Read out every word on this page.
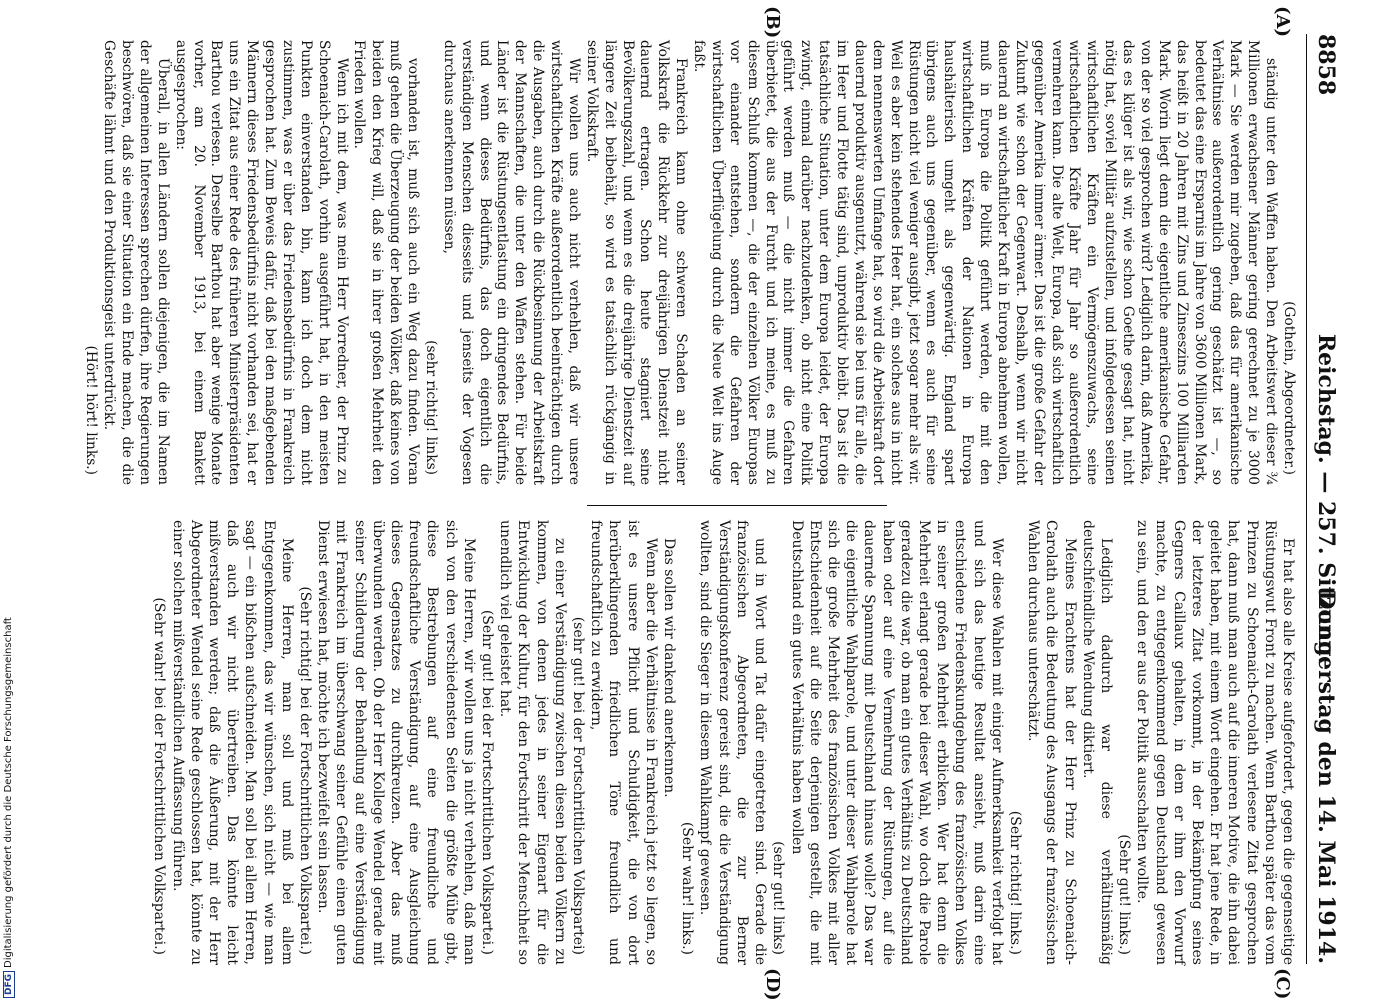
8858
Reichstag. — 257. Sitzung.
Donnerstag den 14. Mai 1914.

(Gothein, Abgeordneter.)

ständig unter den Waffen haben. Den Arbeitswert dieser ¾ Millionen erwachsener Männer gering gerechnet zu je 3000 Mark — Sie werden mir zugeben, daß das für amerikanische Verhältnisse außerordentlich gering geschätzt ist —, so bedeutet das eine Ersparnis im Jahre von 3600 Millionen Mark, das heißt in 20 Jahren mit Zins und Zinseszins 100 Milliarden Mark. Worin liegt denn die eigentliche amerikanische Gefahr, von der so viel gesprochen wird? Lediglich darin, daß Amerika, das es klüger ist als wir, wie schon Goethe gesagt hat, nicht nötig hat, soviel Militär aufzustellen, und infolgedessen seinen wirtschaftlichen Kräften ein Vermögenszuwachs, seine wirtschaftlichen Kräfte Jahr für Jahr so außerordentlich vermehren kann. Die alte Welt, Europa, daß sich wirtschaftlich gegenüber Amerika immer ärmer. Das ist die große Gefahr der Zukunft wie schon der Gegenwart. Deshalb, wenn wir nicht dauernd an wirtschaftlicher Kraft in Europa abnehmen wollen, muß in Europa die Politik geführt werden, die mit den wirtschaftlichen Kräften der Nationen in Europa haushälterisch umgeht als gegenwärtig. England spart übrigens auch uns gegenüber, wenn es auch für seine Rüstungen nicht viel weniger ausgibt, jetzt sogar mehr als wir. Weil es aber kein stehendes Heer hat, ein solches aus in nicht dem nennenswerten Umfange hat, so wird die Arbeitskraft dort dauernd produktiv ausgenutzt, während sie bei uns für alle, die im Heer und Flotte tätig sind, unproduktiv bleibt. Das ist die tatsächliche Situation, unter dem Europa leidet, der Europa zwingt, einmal darüber nachzudenken, ob nicht eine Politik geführt werden muß — die nicht immer die Gefahren überbietet, die aus der Furcht und ich meine, es muß zu diesem Schluß kommen —, die der einzelnen Völker Europas vor einander entstehen, sondern die Gefahren der wirtschaftlichen Überflügelung durch die Neue Welt ins Auge faßt.

Frankreich kann ohne schweren Schaden an seiner Volkskraft die Rückkehr zur dreijährigen Dienstzeit nicht dauernd ertragen. Schon heute stagniert seine Bevölkerungszahl, und wenn es die dreijährige Dienstzeit auf längere Zeit beibehält, so wird es tatsächlich rückgängig in seiner Volkskraft.

Wir wollen uns auch nicht verhehlen, daß wir unsere wirtschaftlichen Kräfte außerordentlich beeinträchtigen durch die Ausgaben, auch durch die Rückbesinnung der Arbeitskraft der Mannschaften, die unter den Waffen stehen. Für beide Länder ist die Rüstungsentlastung ein dringendes Bedürfnis, und wenn dieses Bedürfnis, das doch eigentlich die verständigen Menschen diesseits und jenseits der Vogesen durchaus anerkennen müssen,

(sehr richtig! links)

vorhanden ist, muß sich auch ein Weg dazu finden. Voran muß gehen die Überzeugung der beiden Völker, daß keines von beiden den Krieg will, daß sie in ihrer großen Mehrheit den Frieden wollen.

Wenn ich mit dem, was mein Herr Vorredner, der Prinz zu Schoenaich-Carolath, vorhin ausgeführt hat, in den meisten Punkten einverstanden bin, kann ich doch dem nicht zustimmen, was er über das Friedensbedürfnis in Frankreich gesprochen hat. Zum Beweis dafür, daß bei den maßgebenden Männern dieses Friedensbedürfnis nicht vorhanden sei, hat er uns ein Zitat aus einer Rede des früheren Ministerpräsidenten Barthou verlesen. Derselbe Barthou hat aber wenige Monate vorher, am 20. November 1913, bei einem Bankett ausgesprochen:

Überall, in allen Ländern sollen diejenigen, die im Namen der allgemeinen Interessen sprechen dürfen, ihre Regierungen beschwören, daß sie einer Situation ein Ende machen, die die Geschäfte lähmt und den Produktionsgeist unterdrückt.

(Hört! hört! links.)

Er hat also alle Kreise aufgefordert, gegen die gegenseitige Rüstungswut Front zu machen. Wenn Barthou später das vom Prinzen zu Schoenaich-Carolath verlesene Zitat gesprochen hat, dann muß man auch auf die inneren Motive, die ihn dabei geleitet haben, mit einem Wort eingehen. Er hat jene Rede, in der letzteres Zitat vorkommt, in der Bekämpfung seines Gegners Caillaux gehalten, in dem er ihm den Vorwurf machte, zu entgegenkommend gegen Deutschland gewesen zu sein, und den er aus der Politik ausschalten wollte.

(Sehr gut! links.)

Lediglich dadurch war diese verhältnismäßig deutschfeindliche Wendung diktiert.

Meines Erachtens hat der Herr Prinz zu Schoenaich-Carolath auch die Bedeutung des Ausgangs der französischen Wahlen durchaus unterschätzt.

(Sehr richtig! links.)

Wer diese Wahlen mit einiger Aufmerksamkeit verfolgt hat und sich das heutige Resultat ansieht, muß darin eine entschiedene Friedenskundgebung des französischen Volkes in seiner großen Mehrheit erblicken. Wer hat denn die Mehrheit erlangt gerade bei dieser Wahl, wo doch die Parole geradezu die war, ob man ein gutes Verhältnis zu Deutschland haben oder auf eine Vermehrung der Rüstungen, auf die dauernde Spannung mit Deutschland hinaus wolle? Das war die eigentliche Wahlparole, und unter dieser Wahlparole hat sich die große Mehrheit des französischen Volkes mit aller Entschiedenheit auf die Seite derjenigen gestellt, die mit Deutschland ein gutes Verhältnis haben wollen

(sehr gut! links)

und in Wort und Tat dafür eingetreten sind. Gerade die französischen Abgeordneten, die zur Berner Verständigungskonferenz gereist sind, die die Verständigung wollten, sind die Sieger in diesem Wahlkampf gewesen.

(Sehr wahr! links.)

Das sollen wir dankend anerkennen.

Wenn aber die Verhältnisse in Frankreich jetzt so liegen, so ist es unsere Pflicht und Schuldigkeit, die von dort herüberklingenden friedlichen Töne freundlich und freundschaftlich zu erwidern,

(sehr gut! bei der Fortschrittlichen Volkspartei)

zu einer Verständigung zwischen diesen beiden Völkern zu kommen, von denen jedes in seiner Eigenart für die Entwicklung der Kultur, für den Fortschritt der Menschheit so unendlich viel geleistet hat.

(Sehr gut! bei der Fortschrittlichen Volkspartei.)

Meine Herren, wir wollen uns ja nicht verhehlen, daß man sich von den verschiedensten Seiten die größte Mühe gibt, diese Bestrebungen auf eine freundliche und freundschaftliche Verständigung, auf eine Ausgleichung dieses Gegensatzes zu durchkreuzen. Aber das muß überwunden werden. Ob der Herr Kollege Wendel gerade mit seiner Schilderung der Behandlung auf eine Verständigung mit Frankreich im überschwang seiner Gefühle einen guten Dienst erwiesen hat, möchte ich bezweifelt sein lassen.

(Sehr richtig! bei der Fortschrittlichen Volkspartei.)

Meine Herren, man soll und muß bei allem Entgegenkommen, das wir wünschen, sich nicht — wie man sagt — ein bißchen aufschneiden. Man soll bei allem Herren, daß auch wir nicht übertreiben. Das könnte leicht mißverstanden werden; daß die Äußerung, mit der Herr Abgeordneter Wendel seine Rede geschlossen hat, könnte zu einer solchen mißverständlichen Auffassung führen.

(Sehr wahr! bei der Fortschrittlichen Volkspartei.)

(A)
(B)
(C)
(D)
DFG
Digitalisierung gefördert durch die Deutsche Forschungsgemeinschaft
